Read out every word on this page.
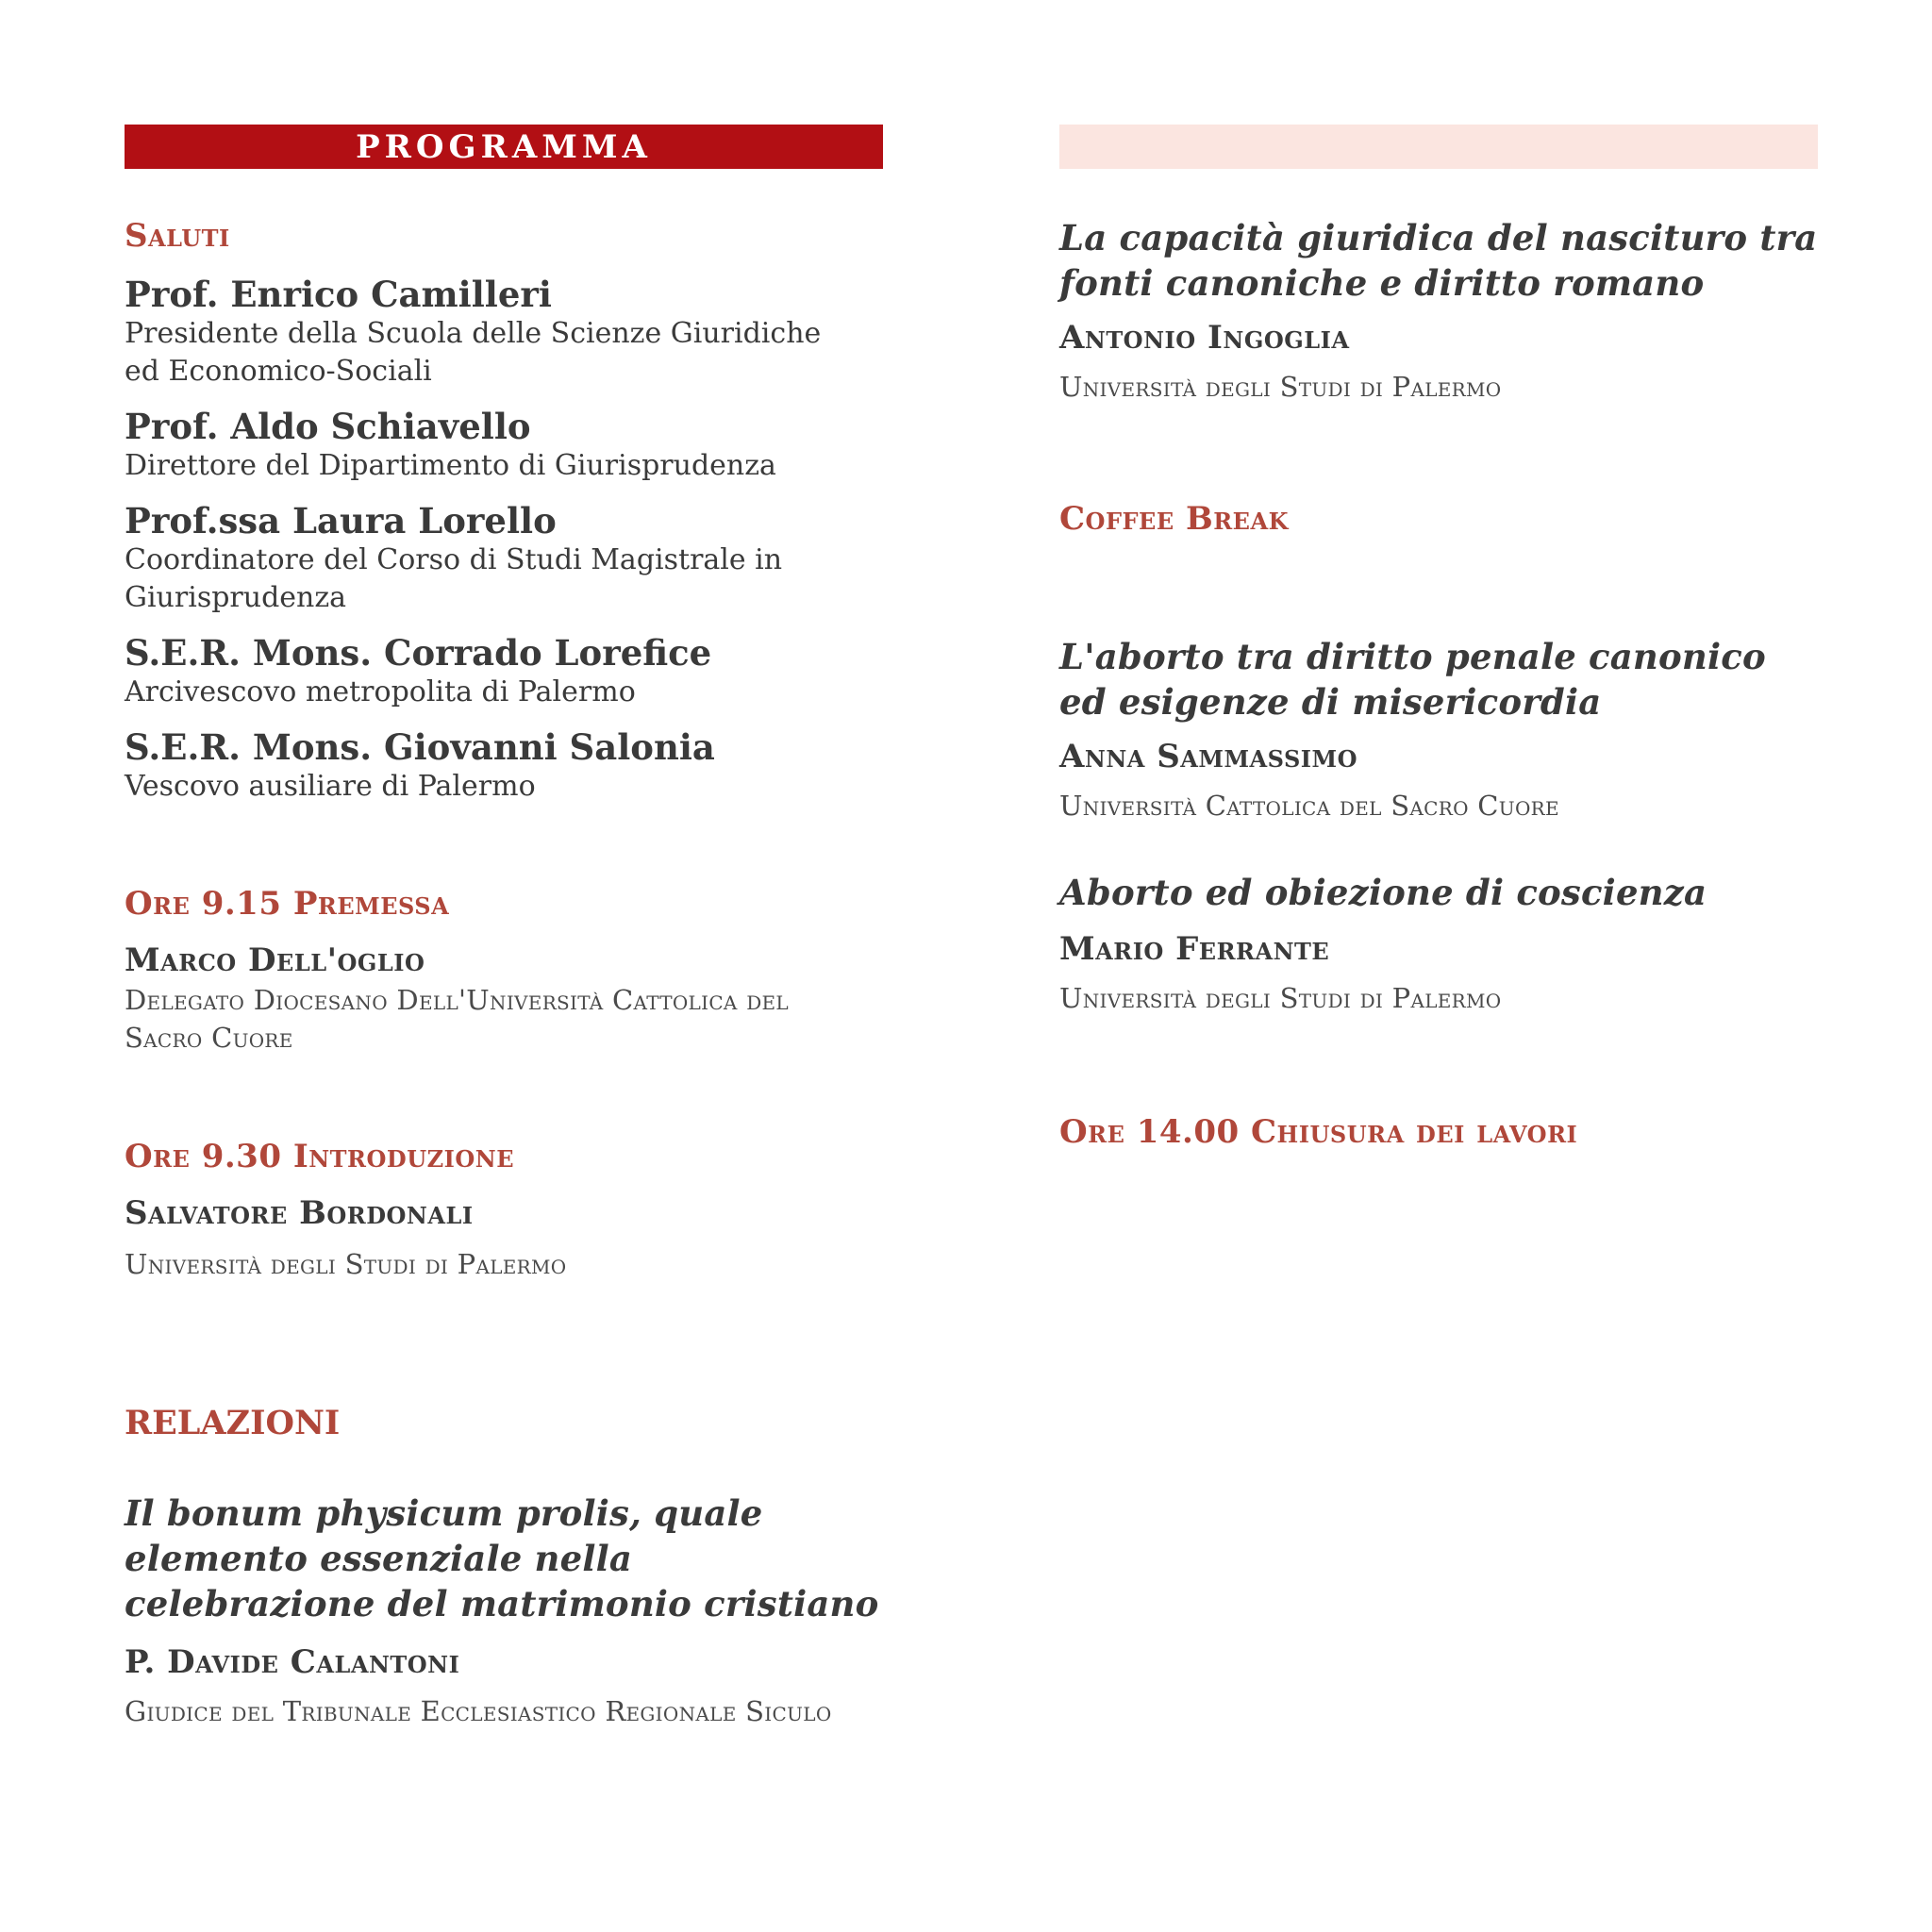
PROGRAMMA
Saluti
Prof. Enrico Camilleri
Presidente della Scuola delle Scienze Giuridiche ed Economico-Sociali
Prof. Aldo Schiavello
Direttore del Dipartimento di Giurisprudenza
Prof.ssa Laura Lorello
Coordinatore del Corso di Studi Magistrale in Giurisprudenza
S.E.R. Mons. Corrado Lorefice
Arcivescovo metropolita di Palermo
S.E.R. Mons. Giovanni Salonia
Vescovo ausiliare di Palermo
Ore 9.15 Premessa
Marco Dell'oglio
Delegato Diocesano Dell'Università Cattolica del Sacro Cuore
Ore 9.30 Introduzione
Salvatore Bordonali
Università degli Studi di Palermo
RELAZIONI
Il bonum physicum prolis, quale elemento essenziale nella celebrazione del matrimonio cristiano
P. Davide Calantoni
Giudice del Tribunale Ecclesiastico Regionale Siculo
La capacità giuridica del nascituro tra fonti canoniche e diritto romano
Antonio Ingoglia
Università degli Studi di Palermo
Coffee Break
L'aborto tra diritto penale canonico ed esigenze di misericordia
Anna Sammassimo
Università Cattolica del Sacro Cuore
Aborto ed obiezione di coscienza
Mario Ferrante
Università degli Studi di Palermo
Ore 14.00 Chiusura dei lavori
